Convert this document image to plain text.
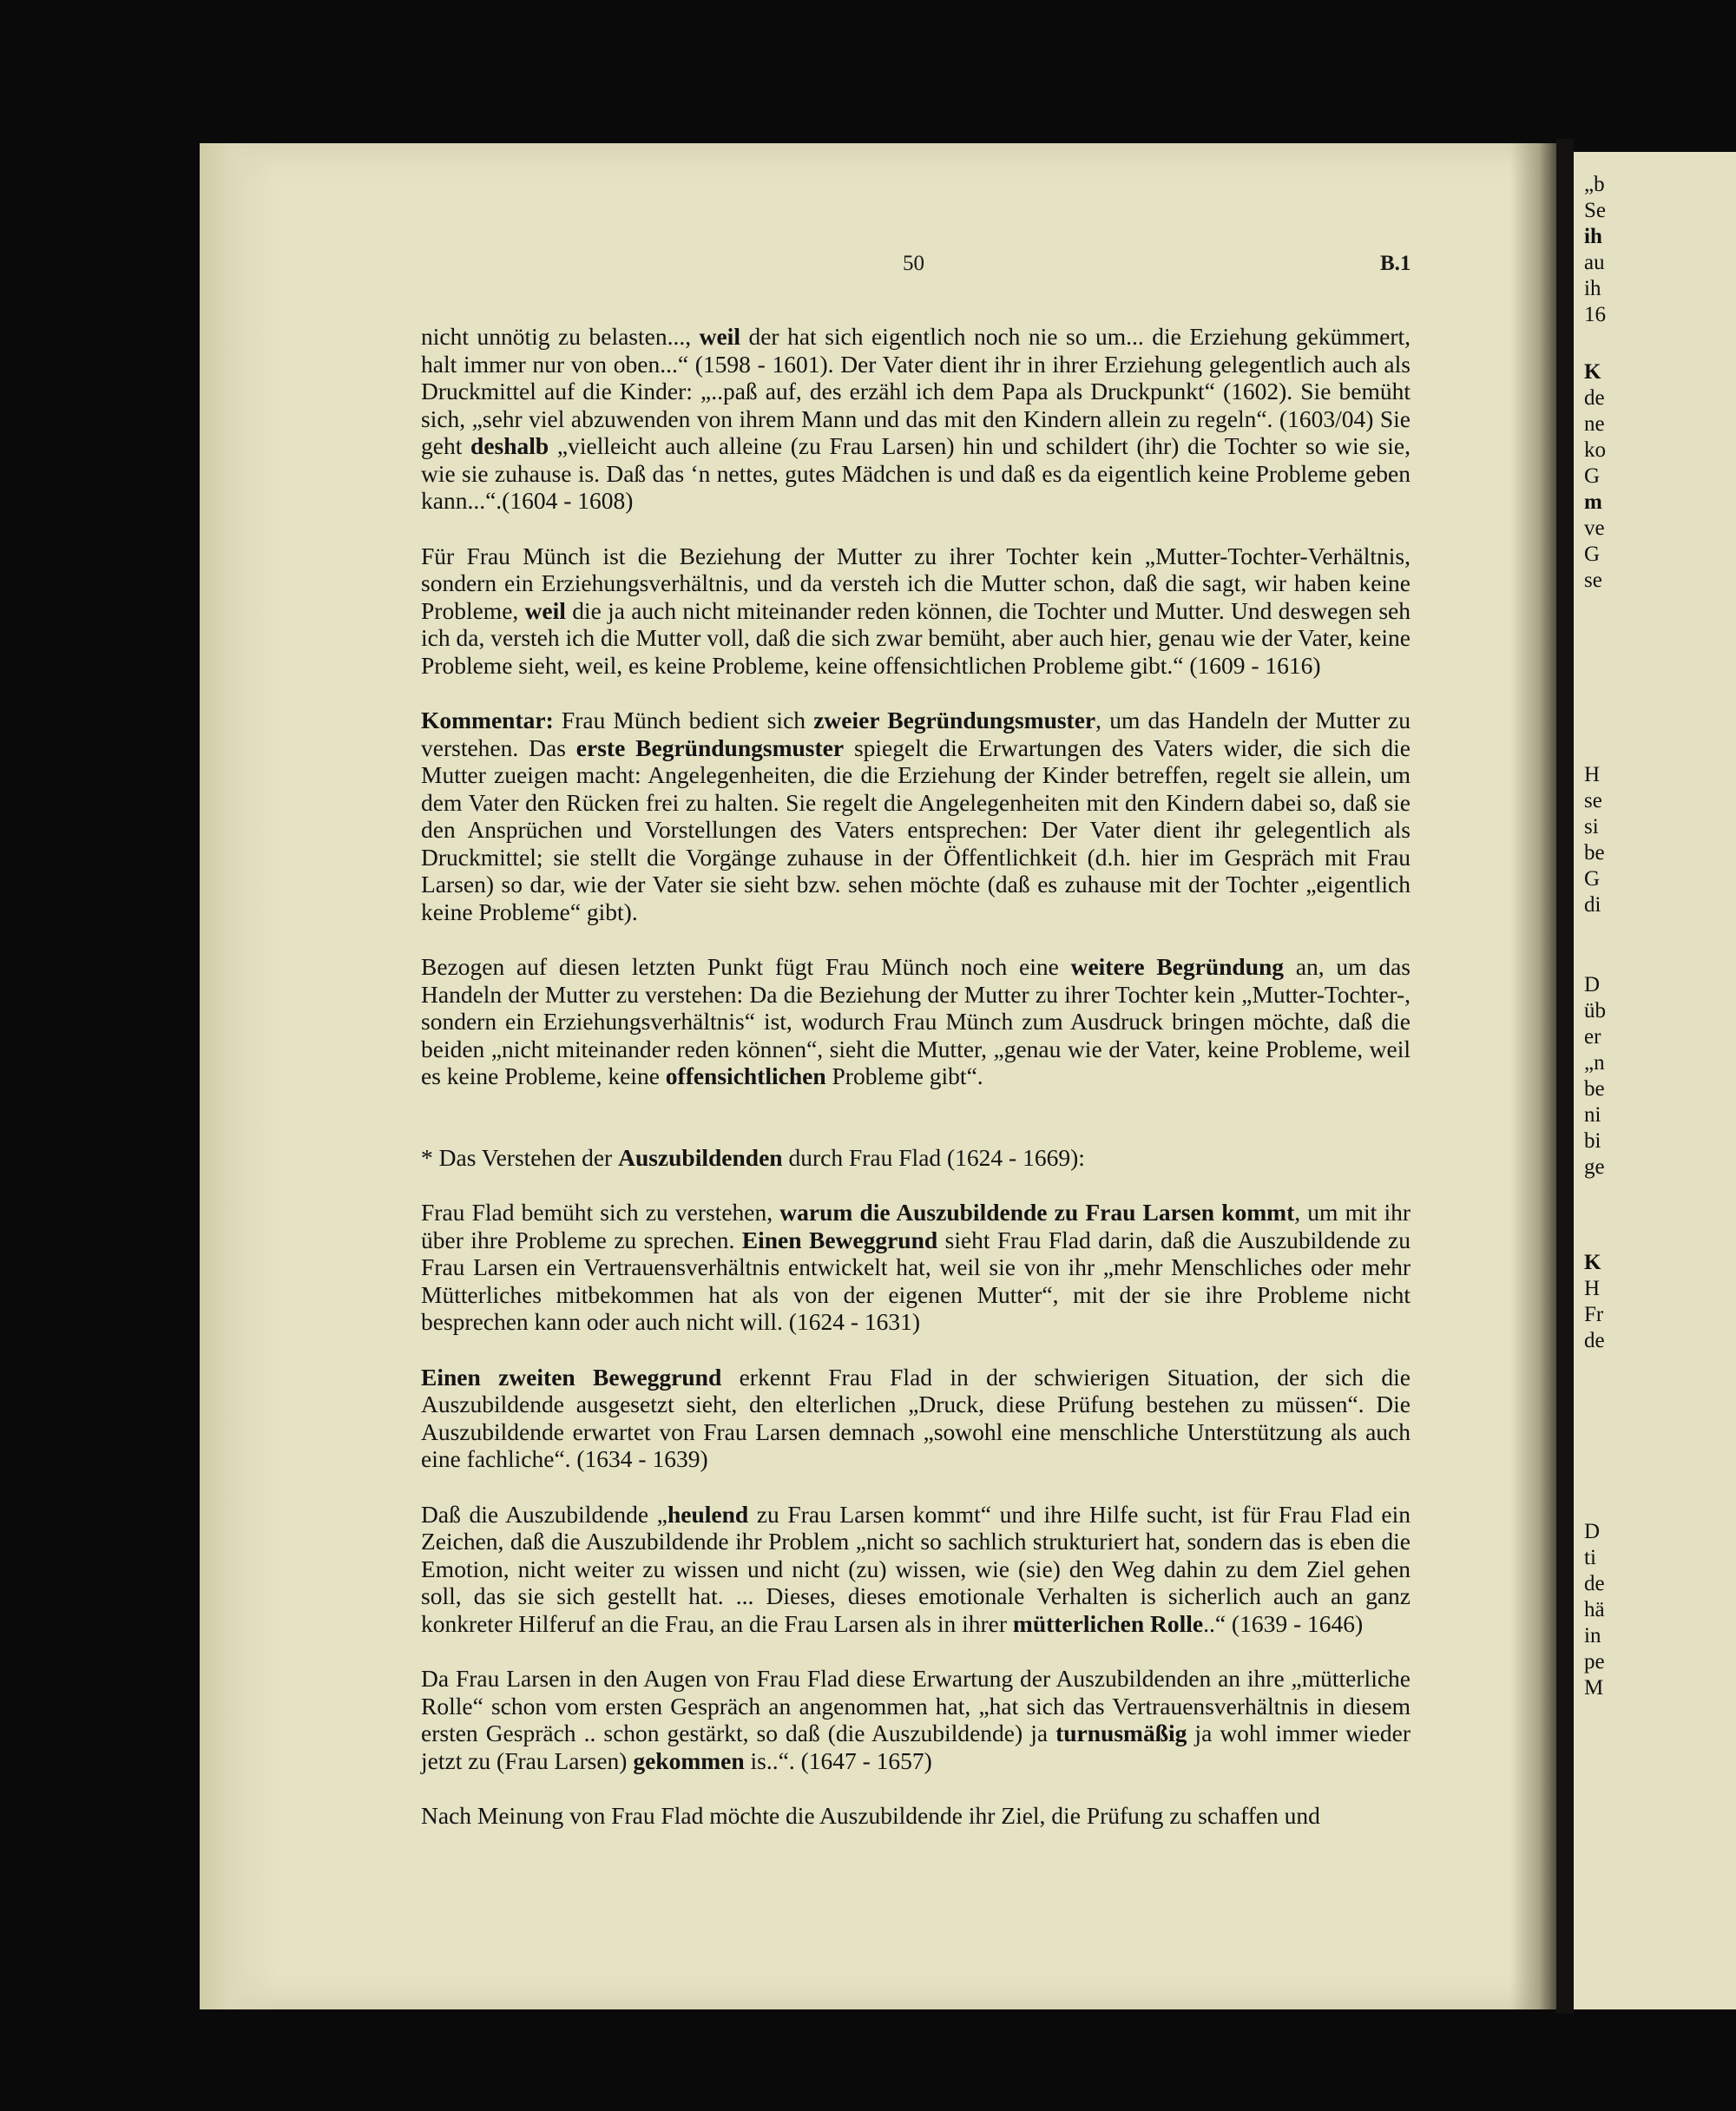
„b
Se
ih
au
ih
16
K
de
ne
ko
G
m
ve
G
se
H
se
si
be
G
di
D
üb
er
„n
be
ni
bi
ge
K
H
Fr
de
D
ti
de
hä
in
pe
M
50	B.1

nicht unnötig zu belasten..., weil der hat sich eigentlich noch nie so um... die Erziehung gekümmert, halt immer nur von oben...“ (1598 - 1601). Der Vater dient ihr in ihrer Erziehung gelegentlich auch als Druckmittel auf die Kinder: „..paß auf, des erzähl ich dem Papa als Druckpunkt“ (1602). Sie bemüht sich, „sehr viel abzuwenden von ihrem Mann und das mit den Kindern allein zu regeln“. (1603/04) Sie geht deshalb „vielleicht auch alleine (zu Frau Larsen) hin und schildert (ihr) die Tochter so wie sie, wie sie zuhause is. Daß das ‘n nettes, gutes Mädchen is und daß es da eigentlich keine Probleme geben kann...“.(1604 - 1608)

Für Frau Münch ist die Beziehung der Mutter zu ihrer Tochter kein „Mutter-Tochter-Verhältnis, sondern ein Erziehungsverhältnis, und da versteh ich die Mutter schon, daß die sagt, wir haben keine Probleme, weil die ja auch nicht miteinander reden können, die Tochter und Mutter. Und deswegen seh ich da, versteh ich die Mutter voll, daß die sich zwar bemüht, aber auch hier, genau wie der Vater, keine Probleme sieht, weil, es keine Probleme, keine offensichtlichen Probleme gibt.“ (1609 - 1616)

Kommentar: Frau Münch bedient sich zweier Begründungsmuster, um das Handeln der Mutter zu verstehen. Das erste Begründungsmuster spiegelt die Erwartungen des Vaters wider, die sich die Mutter zueigen macht: Angelegenheiten, die die Erziehung der Kinder betreffen, regelt sie allein, um dem Vater den Rücken frei zu halten. Sie regelt die Angelegenheiten mit den Kindern dabei so, daß sie den Ansprüchen und Vorstellungen des Vaters entsprechen: Der Vater dient ihr gelegentlich als Druckmittel; sie stellt die Vorgänge zuhause in der Öffentlichkeit (d.h. hier im Gespräch mit Frau Larsen) so dar, wie der Vater sie sieht bzw. sehen möchte (daß es zuhause mit der Tochter „eigentlich keine Probleme“ gibt).

Bezogen auf diesen letzten Punkt fügt Frau Münch noch eine weitere Begründung an, um das Handeln der Mutter zu verstehen: Da die Beziehung der Mutter zu ihrer Tochter kein „Mutter-Tochter-, sondern ein Erziehungsverhältnis“ ist, wodurch Frau Münch zum Ausdruck bringen möchte, daß die beiden „nicht miteinander reden können“, sieht die Mutter, „genau wie der Vater, keine Probleme, weil es keine Probleme, keine offensichtlichen Probleme gibt“.

* Das Verstehen der Auszubildenden durch Frau Flad (1624 - 1669):

Frau Flad bemüht sich zu verstehen, warum die Auszubildende zu Frau Larsen kommt, um mit ihr über ihre Probleme zu sprechen. Einen Beweggrund sieht Frau Flad darin, daß die Auszubildende zu Frau Larsen ein Vertrauensverhältnis entwickelt hat, weil sie von ihr „mehr Menschliches oder mehr Mütterliches mitbekommen hat als von der eigenen Mutter“, mit der sie ihre Probleme nicht besprechen kann oder auch nicht will. (1624 - 1631)

Einen zweiten Beweggrund erkennt Frau Flad in der schwierigen Situation, der sich die Auszubildende ausgesetzt sieht, den elterlichen „Druck, diese Prüfung bestehen zu müssen“. Die Auszubildende erwartet von Frau Larsen demnach „sowohl eine menschliche Unterstützung als auch eine fachliche“. (1634 - 1639)

Daß die Auszubildende „heulend zu Frau Larsen kommt“ und ihre Hilfe sucht, ist für Frau Flad ein Zeichen, daß die Auszubildende ihr Problem „nicht so sachlich strukturiert hat, sondern das is eben die Emotion, nicht weiter zu wissen und nicht (zu) wissen, wie (sie) den Weg dahin zu dem Ziel gehen soll, das sie sich gestellt hat. ... Dieses, dieses emotionale Verhalten is sicherlich auch an ganz konkreter Hilferuf an die Frau, an die Frau Larsen als in ihrer mütterlichen Rolle..“ (1639 - 1646)

Da Frau Larsen in den Augen von Frau Flad diese Erwartung der Auszubildenden an ihre „mütterliche Rolle“ schon vom ersten Gespräch an angenommen hat, „hat sich das Vertrauensverhältnis in diesem ersten Gespräch .. schon gestärkt, so daß (die Auszubildende) ja turnusmäßig ja wohl immer wieder jetzt zu (Frau Larsen) gekommen is..“. (1647 - 1657)

Nach Meinung von Frau Flad möchte die Auszubildende ihr Ziel, die Prüfung zu schaffen und
